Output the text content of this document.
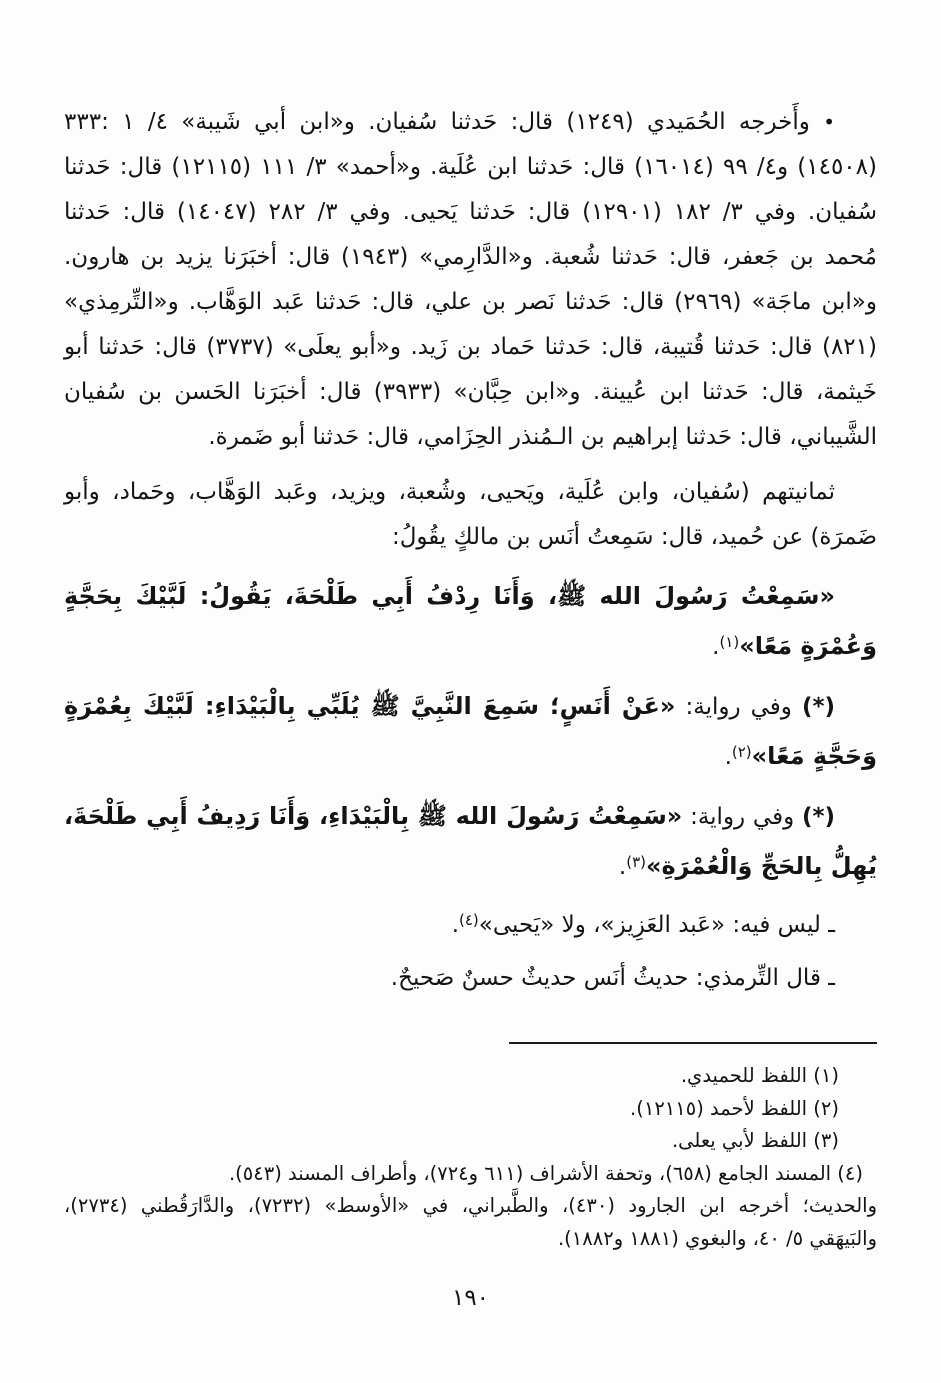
• وأَخرجه الحُمَيدي (١٢٤٩) قال: حَدثنا سُفيان. و«ابن أبي شَيبة» ٤/ ١ :٣٣٣ (١٤٥٠٨) و٤/ ٩٩ (١٦٠١٤) قال: حَدثنا ابن عُلَية. و«أحمد» ٣/ ١١١ (١٢١١٥) قال: حَدثنا سُفيان. وفي ٣/ ١٨٢ (١٢٩٠١) قال: حَدثنا يَحيى. وفي ٣/ ٢٨٢ (١٤٠٤٧) قال: حَدثنا مُحمد بن جَعفر، قال: حَدثنا شُعبة. و«الدَّارِمي» (١٩٤٣) قال: أخبَرَنا يزيد بن هارون. و«ابن ماجَة» (٢٩٦٩) قال: حَدثنا نَصر بن علي، قال: حَدثنا عَبد الوَهَّاب. و«التِّرمِذي» (٨٢١) قال: حَدثنا قُتيبة، قال: حَدثنا حَماد بن زَيد. و«أبو يعلَى» (٣٧٣٧) قال: حَدثنا أبو خَيثمة، قال: حَدثنا ابن عُيينة. و«ابن حِبَّان» (٣٩٣٣) قال: أخبَرَنا الحَسن بن سُفيان الشَّيباني، قال: حَدثنا إبراهيم بن الـمُنذر الحِزَامي، قال: حَدثنا أبو ضَمرة.

ثمانيتهم (سُفيان، وابن عُلَية، ويَحيى، وشُعبة، ويزيد، وعَبد الوَهَّاب، وحَماد، وأبو ضَمرَة) عن حُميد، قال: سَمِعتُ أنَس بن مالكٍ يقُولُ:

«سَمِعْتُ رَسُولَ الله ﷺ، وَأَنَا رِدْفُ أَبِي طَلْحَةَ، يَقُولُ: لَبَّيْكَ بِحَجَّةٍ وَعُمْرَةٍ مَعًا»$^{(١)}$.

(*) وفي رواية: «عَنْ أَنَسٍ؛ سَمِعَ النَّبِيَّ ﷺ يُلَبِّي بِالْبَيْدَاءِ: لَبَّيْكَ بِعُمْرَةٍ وَحَجَّةٍ مَعًا»$^{(٢)}$.

(*) وفي رواية: «سَمِعْتُ رَسُولَ الله ﷺ بِالْبَيْدَاءِ، وَأَنَا رَدِيفُ أَبِي طَلْحَةَ، يُهِلُّ بِالحَجِّ وَالْعُمْرَةِ»$^{(٣)}$.

ـ ليس فيه: «عَبد العَزِيز»، ولا «يَحيى»$^{(٤)}$.

ـ قال التِّرمذي: حديثُ أنَس حديثٌ حسنٌ صَحيحٌ.

(١) اللفظ للحميدي.

(٢) اللفظ لأحمد (١٢١١٥).

(٣) اللفظ لأبي يعلى.

(٤) المسند الجامع (٦٥٨)، وتحفة الأشراف (٦١١ و٧٢٤)، وأطراف المسند (٥٤٣).

والحديث؛ أخرجه ابن الجارود (٤٣٠)، والطَّبراني، في «الأوسط» (٧٢٣٢)، والدَّارَقُطني (٢٧٣٤)، والبَيهَقي ٥/ ٤٠، والبغوي (١٨٨١ و١٨٨٢).

١٩٠
